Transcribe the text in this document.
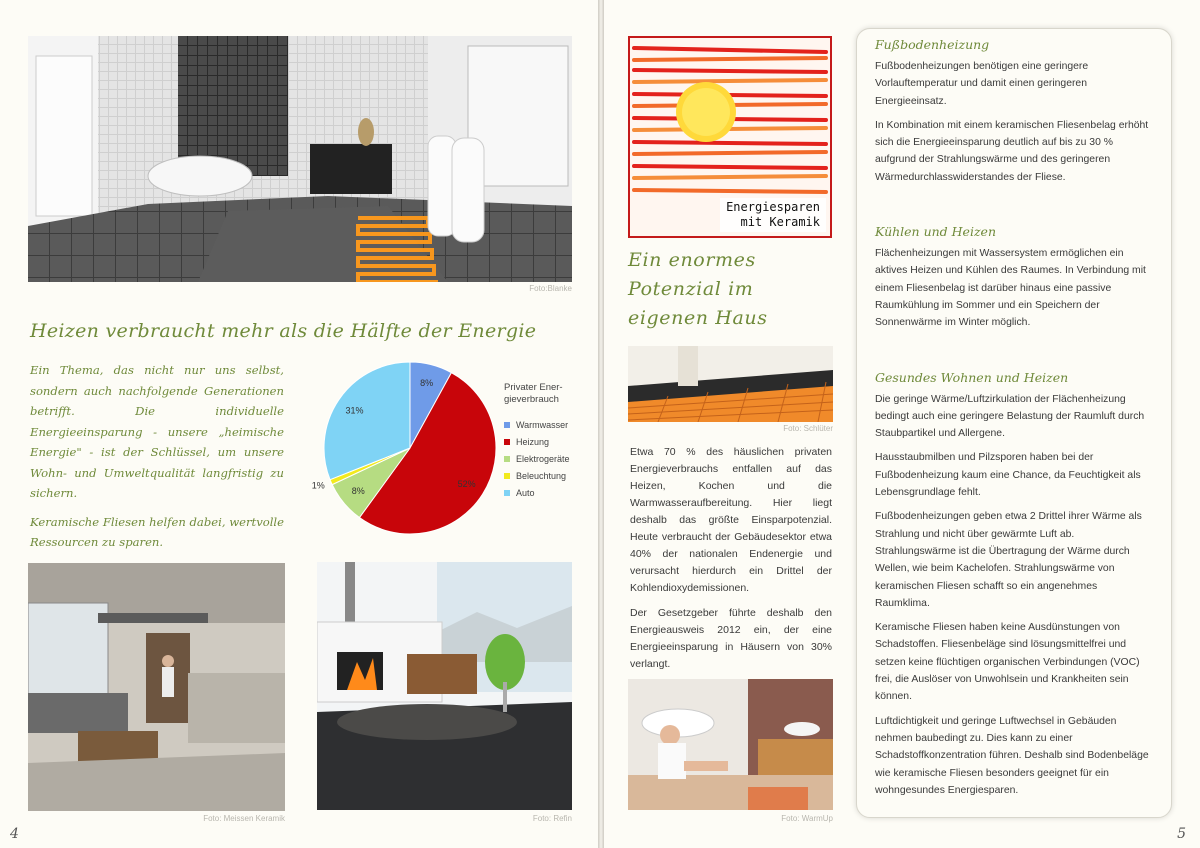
Foto:Blanke
Heizen verbraucht mehr als die Hälfte der Energie

Ein Thema, das nicht nur uns selbst, sondern auch nachfolgende Generationen betrifft. Die individuelle Energieeinsparung - unsere „heimische Energie" - ist der Schlüssel, um unsere Wohn- und Umweltqualität langfristig zu sichern.

Keramische Fliesen helfen dabei, wertvolle Ressourcen zu sparen.

8%
52%
8%
1%
31%
Privater Ener-
gieverbrauch
Warmwasser
Heizung
Elektrogeräte
Beleuchtung
Auto
Foto: Meissen Keramik	Foto: Refin
4
Energiesparen
mit Keramik
Ein enormes Potenzial im eigenen Haus
Foto: Schlüter

Etwa 70 % des häuslichen privaten Energieverbrauchs entfallen auf das Heizen, Kochen und die Warmwasseraufbereitung. Hier liegt deshalb das größte Einsparpotenzial. Heute verbraucht der Gebäudesektor etwa 40% der nationalen Endenergie und verursacht hierdurch ein Drittel der Kohlendioxydemissionen.

Der Gesetzgeber führte deshalb den Energieausweis 2012 ein, der eine Energieeinsparung in Häusern von 30% verlangt.

Foto: WarmUp
5
Fußbodenheizung

Fußbodenheizungen benötigen eine geringere Vorlauftemperatur und damit einen geringeren Energieeinsatz.

In Kombination mit einem keramischen Fliesenbelag erhöht sich die Energieeinsparung deutlich auf bis zu 30 % aufgrund der Strahlungswärme und des geringeren Wärmedurchlasswiderstandes der Fliese.

Kühlen und Heizen

Flächenheizungen mit Wassersystem ermöglichen ein aktives Heizen und Kühlen des Raumes. In Verbindung mit einem Fliesenbelag ist darüber hinaus eine passive Raumkühlung im Sommer und ein Speichern der Sonnenwärme im Winter möglich.

Gesundes Wohnen und Heizen

Die geringe Wärme/Luftzirkulation der Flächenheizung bedingt auch eine geringere Belastung der Raumluft durch Staubpartikel und Allergene.

Hausstaubmilben und Pilzsporen haben bei der Fußbodenheizung kaum eine Chance, da Feuchtigkeit als Lebensgrundlage fehlt.

Fußbodenheizungen geben etwa 2 Drittel ihrer Wärme als Strahlung und nicht über gewärmte Luft ab. Strahlungswärme ist die Übertragung der Wärme durch Wellen, wie beim Kachelofen. Strahlungswärme von keramischen Fliesen schafft so ein angenehmes Raumklima.

Keramische Fliesen haben keine Ausdünstungen von Schadstoffen. Fliesenbeläge sind lösungsmittelfrei und setzen keine flüchtigen organischen Verbindungen (VOC) frei, die Auslöser von Unwohlsein und Krankheiten sein können.

Luftdichtigkeit und geringe Luftwechsel in Gebäuden nehmen baubedingt zu. Dies kann zu einer Schadstoffkonzentration führen. Deshalb sind Bodenbeläge wie keramische Fliesen besonders geeignet für ein wohngesundes Energiesparen.
